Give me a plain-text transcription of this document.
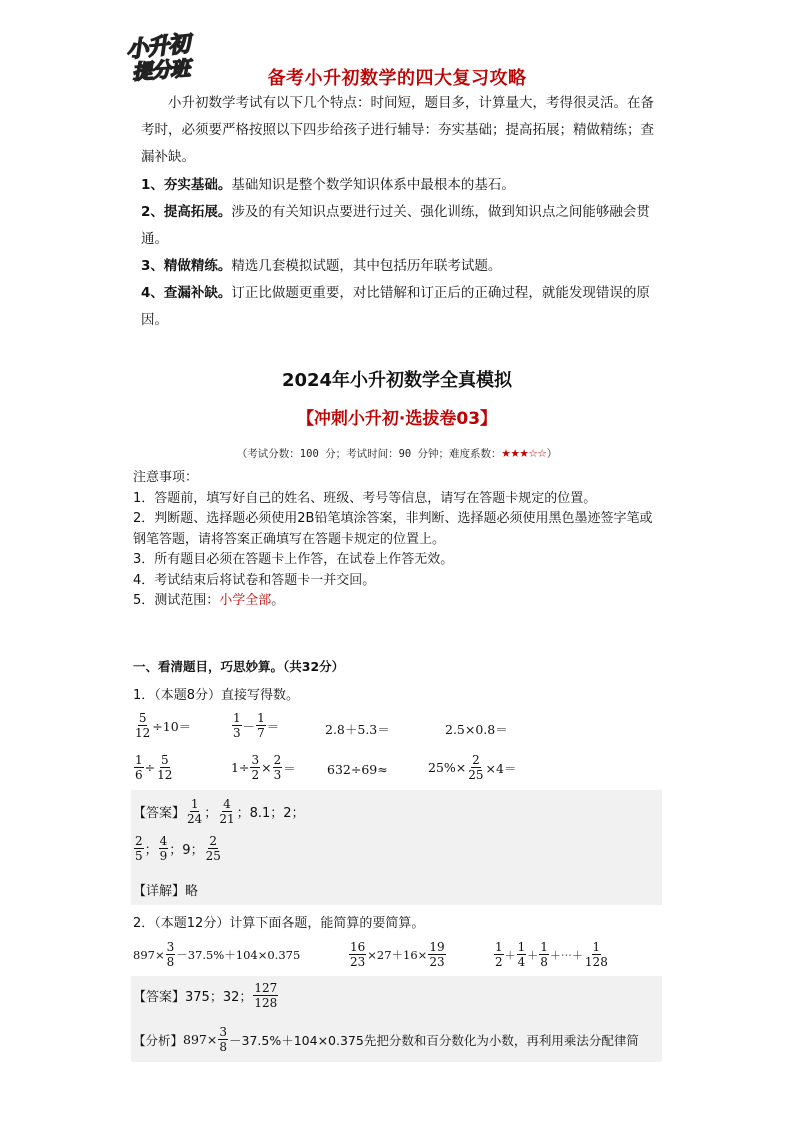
小升初
提分班	备考小升初数学的四大复习攻略
小升初数学考试有以下几个特点：时间短，题目多，计算量大，考得很灵活。在备考时，必须要严格按照以下四步给孩子进行辅导：夯实基础；提高拓展；精做精练；查漏补缺。
1、夯实基础。基础知识是整个数学知识体系中最根本的基石。
2、提高拓展。涉及的有关知识点要进行过关、强化训练，做到知识点之间能够融会贯通。
3、精做精练。精选几套模拟试题，其中包括历年联考试题。
4、查漏补缺。订正比做题更重要，对比错解和订正后的正确过程，就能发现错误的原因。
2024年小升初数学全真模拟
【冲刺小升初·选拔卷03】
（考试分数：100 分；考试时间：90 分钟；难度系数：★★★☆☆）
注意事项：
1．答题前，填写好自己的姓名、班级、考号等信息，请写在答题卡规定的位置。
2．判断题、选择题必须使用2B铅笔填涂答案，非判断、选择题必须使用黑色墨迹签字笔或钢笔答题，请将答案正确填写在答题卡规定的位置上。
3．所有题目必须在答题卡上作答，在试卷上作答无效。
4．考试结束后将试卷和答题卡一并交回。
5．测试范围：小学全部。
一、看清题目，巧思妙算。（共32分）
1．（本题8分）直接写得数。
$\frac{5}{12} \div 10=$	$\frac{1}{3} - \frac{1}{7}$ ＝	2.8＋5.3＝	2.5×0.8＝
$\frac{1}{6} \div \frac{5}{12}$	$1\div \frac{3}{2} \times \frac{2}{3}$ ＝	632÷69≈	$25\%\times \frac{2}{25} \times 4=$
【答案】 $\frac{1}{24}$ ； $\frac{4}{21}$ ；8.1；2；
$\frac{2}{5}$ ； $\frac{4}{9}$ ；9； $\frac{2}{25}$
【详解】 略
2．（本题12分）计算下面各题，能简算的要简算。
$897\times \frac{3}{8} -37.5\%+104\times 0.375$	$\frac{16}{23} \times 27+16\times \frac{19}{23}$	$\frac{1}{2} + \frac{1}{4} + \frac{1}{8}$ ＋⋯＋ $\frac{1}{128}$
【答案】 375；32； $\frac{127}{128}$
【分析】 $897\times \frac{3}{8} -37.5\%+104\times 0.375$先把分数和百分数化为小数，再利用乘法分配律简
